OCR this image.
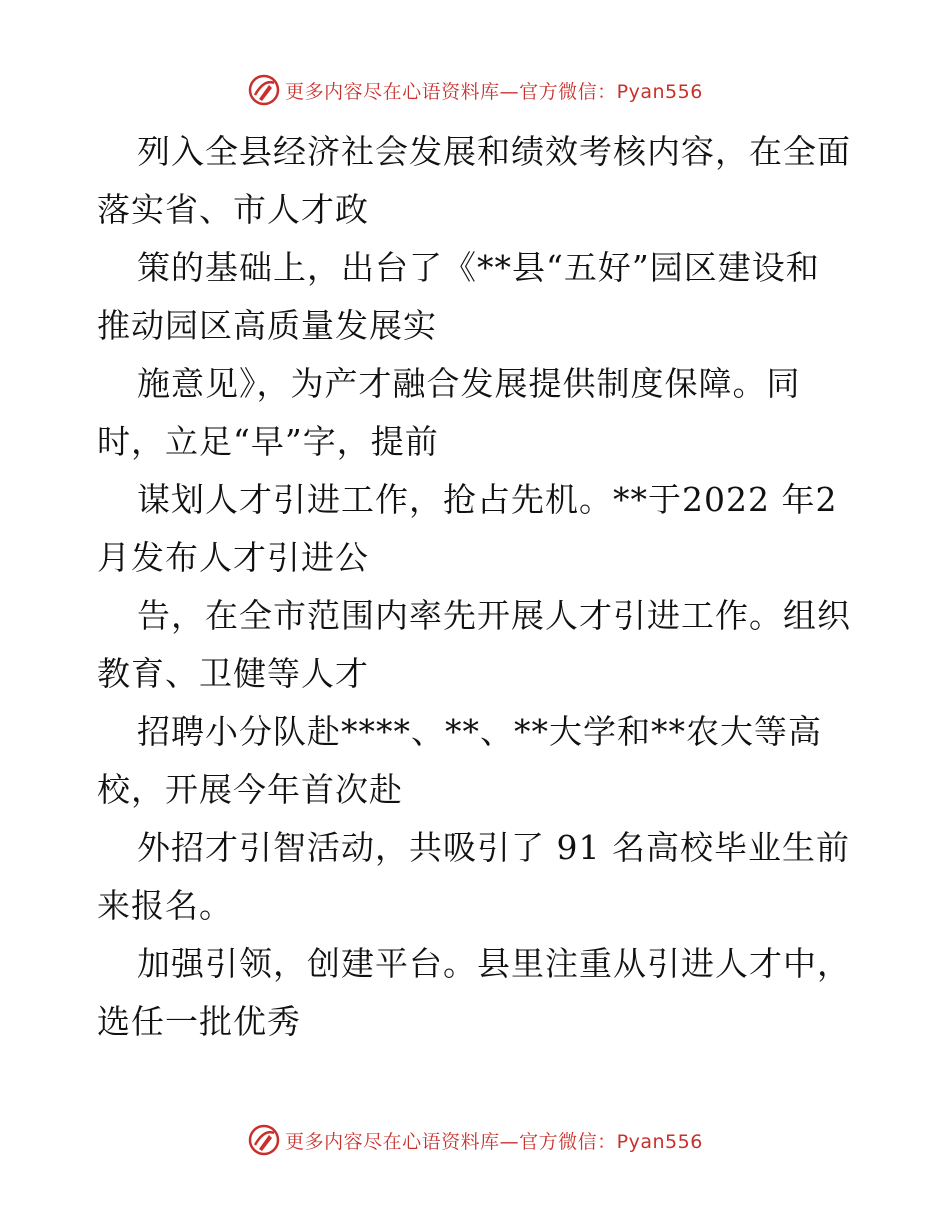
更多内容尽在心语资料库—官方微信：Pyan556

列入全县经济社会发展和绩效考核内容，在全面
落实省、市人才政

策的基础上，出台了《**县“五好”园区建设和
推动园区高质量发展实

施意见》，为产才融合发展提供制度保障。同
时，立足“早”字，提前

谋划人才引进工作，抢占先机。**于2022 年2
月发布人才引进公

告，在全市范围内率先开展人才引进工作。组织
教育、卫健等人才

招聘小分队赴****、**、**大学和**农大等高
校，开展今年首次赴

外招才引智活动，共吸引了 91 名高校毕业生前
来报名。

加强引领，创建平台。县里注重从引进人才中，
选任一批优秀

更多内容尽在心语资料库—官方微信：Pyan556
